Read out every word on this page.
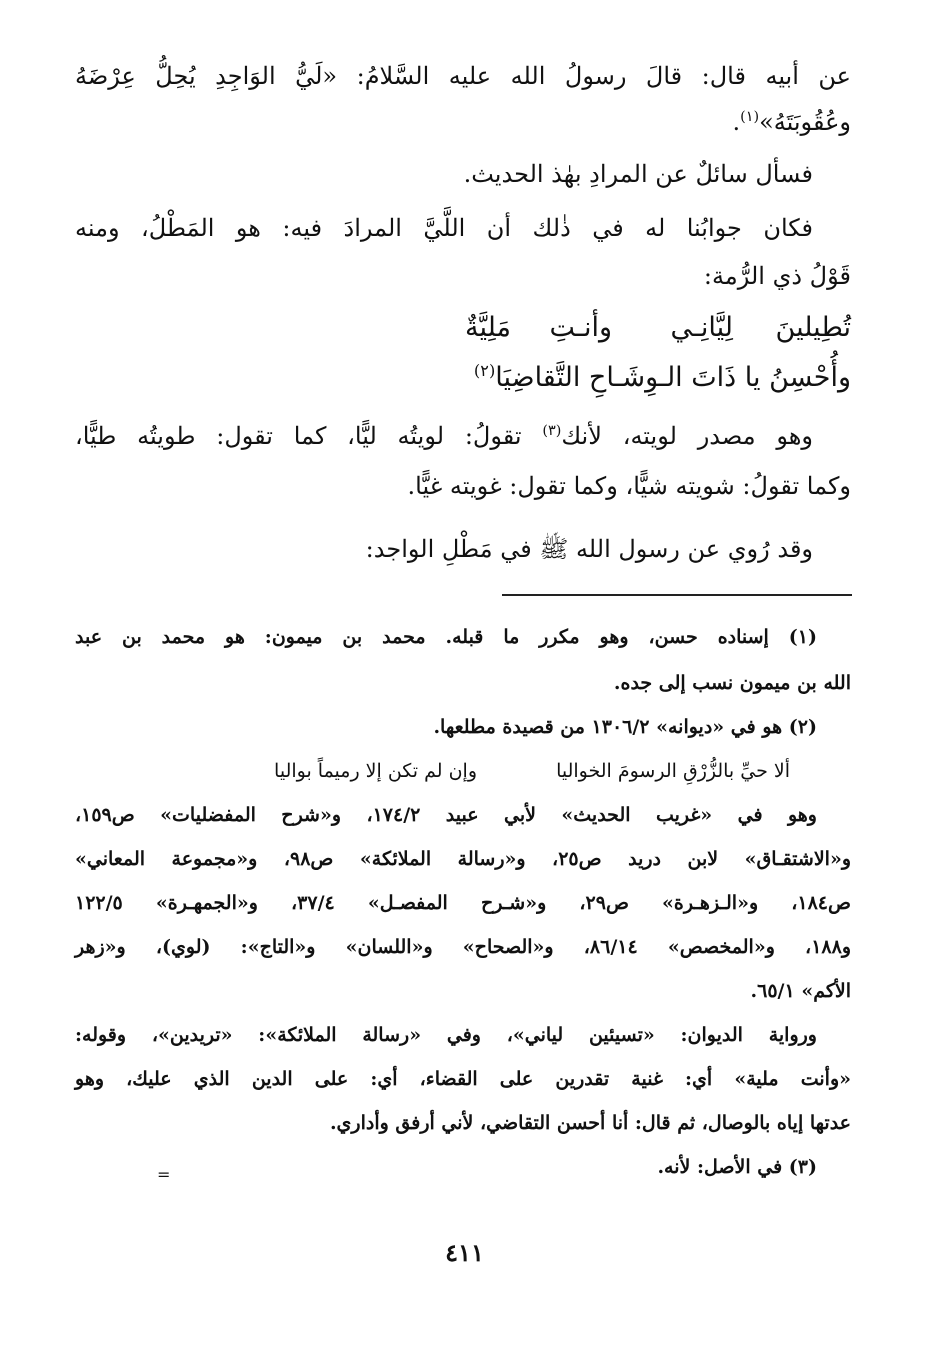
عن أبيه قال: قالَ رسولُ الله عليه السَّلامُ: «لَيُّ الوَاجِدِ يُحِلُّ عِرْضَهُ
وعُقُوبَتَهُ»$^{(١)}$.
فسأل سائلٌ عن المرادِ بهٰذ الحديث.
فكان جوابُنا له في ذٰلك أن اللَّيَّ المرادَ فيه: هو المَطْلُ، ومنه
قَوْلُ ذي الرُّمة:
تُطِيلينَ
لِيَّانِـي
وأنـتِ
مَلِيَّةٌ
وأُحْسِنُ يا ذَاتَ الـوِشَـاحِ التَّقاضِيَا$^{(٢)}$
وهو مصدر لويته، لأنك$^{(٣)}$ تقولُ: لويتُه ليًّا، كما تقول: طويتُه طيًّا،
وكما تقولُ: شويته شيًّا، وكما تقول: غويته غيًّا.
وقد رُوي عن رسول الله ﷺ في مَطْلِ الواجد:
(١) إسناده حسن، وهو مكرر ما قبله. محمد بن ميمون: هو محمد بن عبد
الله بن ميمون نسب إلى جده.
(٢) هو في «ديوانه» ١٣٠٦/٢ من قصيدة مطلعها.
ألا حيِّ بالزُّرْقِ الرسومَ الخواليا
وإن لم تكن إلا رميماً بواليا
وهو في «غريب الحديث» لأبي عبيد ١٧٤/٢، و«شرح المفضليات» ص١٥٩،
و«الاشتقـاق» لابن دريد ص٢٥، و«رسالة الملائكة» ص٩٨، و«مجموعة المعاني»
ص١٨٤، و«الـزهـرة» ص٢٩، و«شـرح المفصـل» ٣٧/٤، و«الجمهـرة» ١٢٢/٥
و١٨٨، و«المخصص» ٨٦/١٤، و«الصحاح» و«اللسان» و«التاج»: (لوي)، و«زهر
الأكم» ٦٥/١.
ورواية الديوان: «تسيئين لياني»، وفي «رسالة الملائكة»: «تريدين»، وقوله:
«وأنت ملية» أي: غنية تقدرين على القضاء، أي: على الدين الذي عليك، وهو
عدتها إياه بالوصال، ثم قال: أنا أحسن التقاضي، لأني أرفق وأداري.
(٣) في الأصل: لأنه.
=
٤١١
